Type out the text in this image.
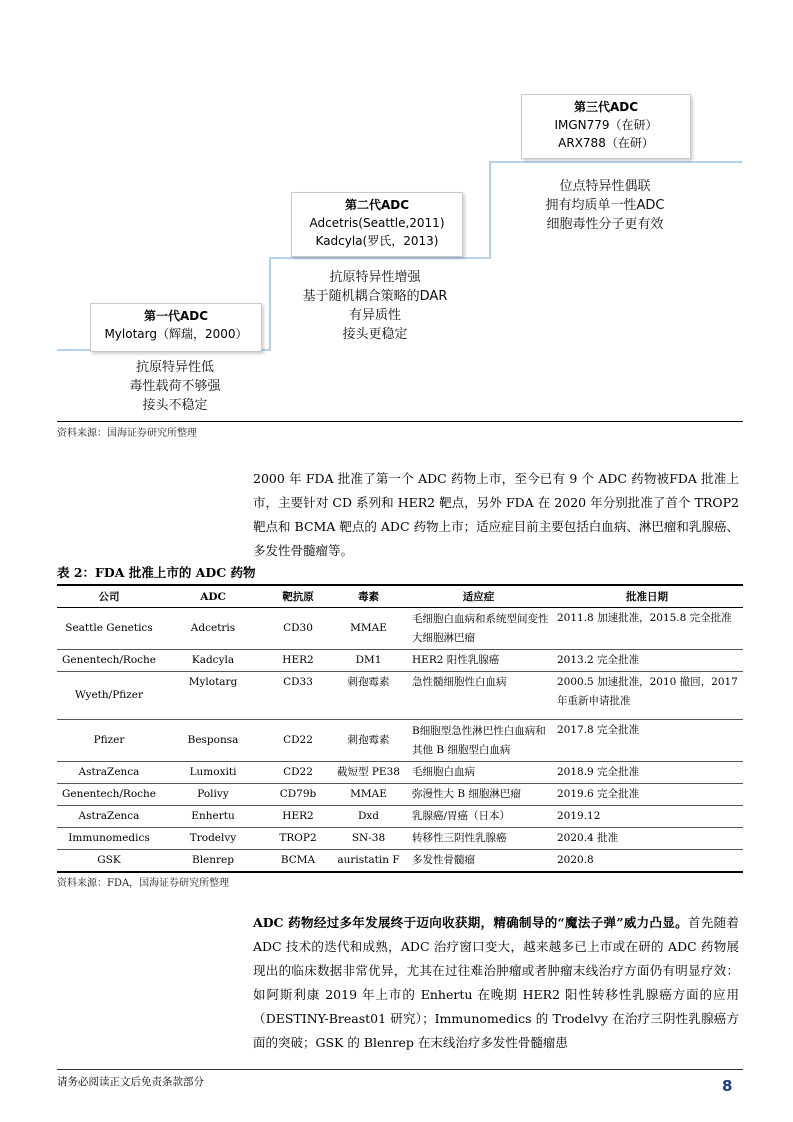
第一代ADC
Mylotarg（辉瑞，2000）
抗原特异性低
毒性载荷不够强
接头不稳定
第二代ADC
Adcetris(Seattle,2011)
Kadcyla(罗氏，2013)
抗原特异性增强
基于随机耦合策略的DAR
有异质性
接头更稳定
第三代ADC
IMGN779（在研）
ARX788（在研）
位点特异性偶联
拥有均质单一性ADC
细胞毒性分子更有效
资料来源：国海证券研究所整理
2000 年 FDA 批准了第一个 ADC 药物上市，至今已有 9 个 ADC 药物被FDA 批准上市，主要针对 CD 系列和 HER2 靶点，另外 FDA 在 2020 年分别批准了首个 TROP2 靶点和 BCMA 靶点的 ADC 药物上市；适应症目前主要包括白血病、淋巴瘤和乳腺癌、多发性骨髓瘤等。
表 2：FDA 批准上市的 ADC 药物
公司	ADC	靶抗原	毒素	适应症	批准日期
Seattle Genetics	Adcetris	CD30	MMAE	毛细胞白血病和系统型间变性大细胞淋巴瘤	2011.8 加速批准，2015.8 完全批准
Genentech/Roche	Kadcyla	HER2	DM1	HER2 阳性乳腺癌	2013.2 完全批准
Wyeth/Pfizer	Mylotarg	CD33	刺孢霉素	急性髓细胞性白血病	2000.5 加速批准，2010 撤回，2017 年重新申请批准
Pfizer	Besponsa	CD22	刺孢霉素	B细胞型急性淋巴性白血病和其他 B 细胞型白血病	2017.8 完全批准
AstraZenca	Lumoxiti	CD22	截短型 PE38	毛细胞白血病	2018.9 完全批准
Genentech/Roche	Polivy	CD79b	MMAE	弥漫性大 B 细胞淋巴瘤	2019.6 完全批准
AstraZenca	Enhertu	HER2	Dxd	乳腺癌/胃癌（日本）	2019.12
Immunomedics	Trodelvy	TROP2	SN-38	转移性三阴性乳腺癌	2020.4 批准
GSK	Blenrep	BCMA	auristatin F	多发性骨髓瘤	2020.8
资料来源：FDA，国海证券研究所整理
ADC 药物经过多年发展终于迈向收获期，精确制导的“魔法子弹”威力凸显。首先随着 ADC 技术的迭代和成熟，ADC 治疗窗口变大，越来越多已上市或在研的 ADC 药物展现出的临床数据非常优异，尤其在过往难治肿瘤或者肿瘤末线治疗方面仍有明显疗效：如阿斯利康 2019 年上市的 Enhertu 在晚期 HER2 阳性转移性乳腺癌方面的应用（DESTINY-Breast01 研究）；Immunomedics 的 Trodelvy 在治疗三阴性乳腺癌方面的突破；GSK 的 Blenrep 在末线治疗多发性骨髓瘤患
请务必阅读正文后免责条款部分	8
